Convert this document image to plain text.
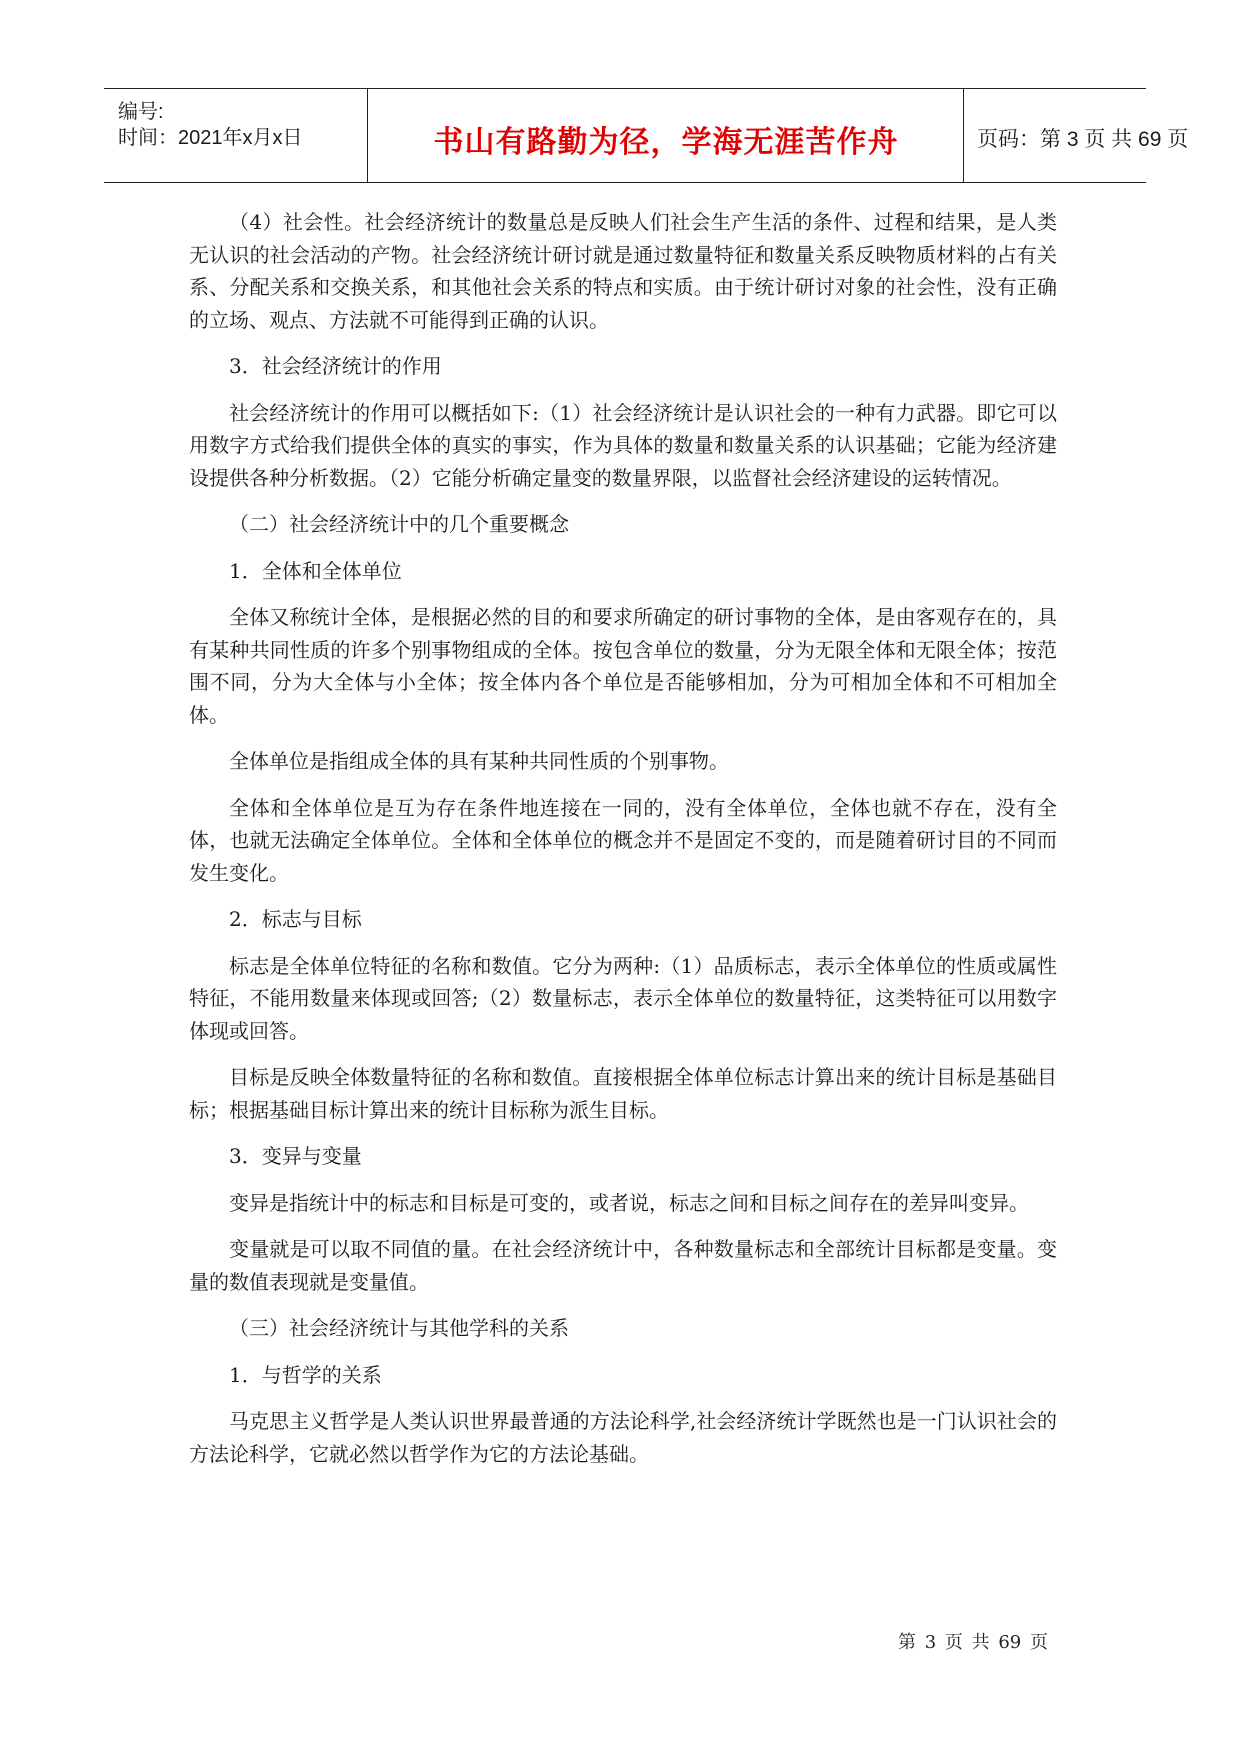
编号:
时间：2021年x月x日	书山有路勤为径，学海无涯苦作舟	页码：第 3 页 共 69 页

（4）社会性。社会经济统计的数量总是反映人们社会生产生活的条件、过程和结果，是人类无认识的社会活动的产物。社会经济统计研讨就是通过数量特征和数量关系反映物质材料的占有关系、分配关系和交换关系，和其他社会关系的特点和实质。由于统计研讨对象的社会性，没有正确的立场、观点、方法就不可能得到正确的认识。

3．社会经济统计的作用

社会经济统计的作用可以概括如下:（1）社会经济统计是认识社会的一种有力武器。即它可以用数字方式给我们提供全体的真实的事实，作为具体的数量和数量关系的认识基础；它能为经济建设提供各种分析数据。（2）它能分析确定量变的数量界限，以监督社会经济建设的运转情况。

（二）社会经济统计中的几个重要概念

1．全体和全体单位

全体又称统计全体，是根据必然的目的和要求所确定的研讨事物的全体，是由客观存在的，具有某种共同性质的许多个别事物组成的全体。按包含单位的数量，分为无限全体和无限全体；按范围不同，分为大全体与小全体；按全体内各个单位是否能够相加，分为可相加全体和不可相加全体。

全体单位是指组成全体的具有某种共同性质的个别事物。

全体和全体单位是互为存在条件地连接在一同的，没有全体单位，全体也就不存在，没有全体，也就无法确定全体单位。全体和全体单位的概念并不是固定不变的，而是随着研讨目的不同而发生变化。

2．标志与目标

标志是全体单位特征的名称和数值。它分为两种:（1）品质标志，表示全体单位的性质或属性特征，不能用数量来体现或回答;（2）数量标志，表示全体单位的数量特征，这类特征可以用数字体现或回答。

目标是反映全体数量特征的名称和数值。直接根据全体单位标志计算出来的统计目标是基础目标；根据基础目标计算出来的统计目标称为派生目标。

3．变异与变量

变异是指统计中的标志和目标是可变的，或者说，标志之间和目标之间存在的差异叫变异。

变量就是可以取不同值的量。在社会经济统计中，各种数量标志和全部统计目标都是变量。变量的数值表现就是变量值。

（三）社会经济统计与其他学科的关系

1．与哲学的关系

马克思主义哲学是人类认识世界最普通的方法论科学,社会经济统计学既然也是一门认识社会的方法论科学，它就必然以哲学作为它的方法论基础。

第 3 页 共 69 页
